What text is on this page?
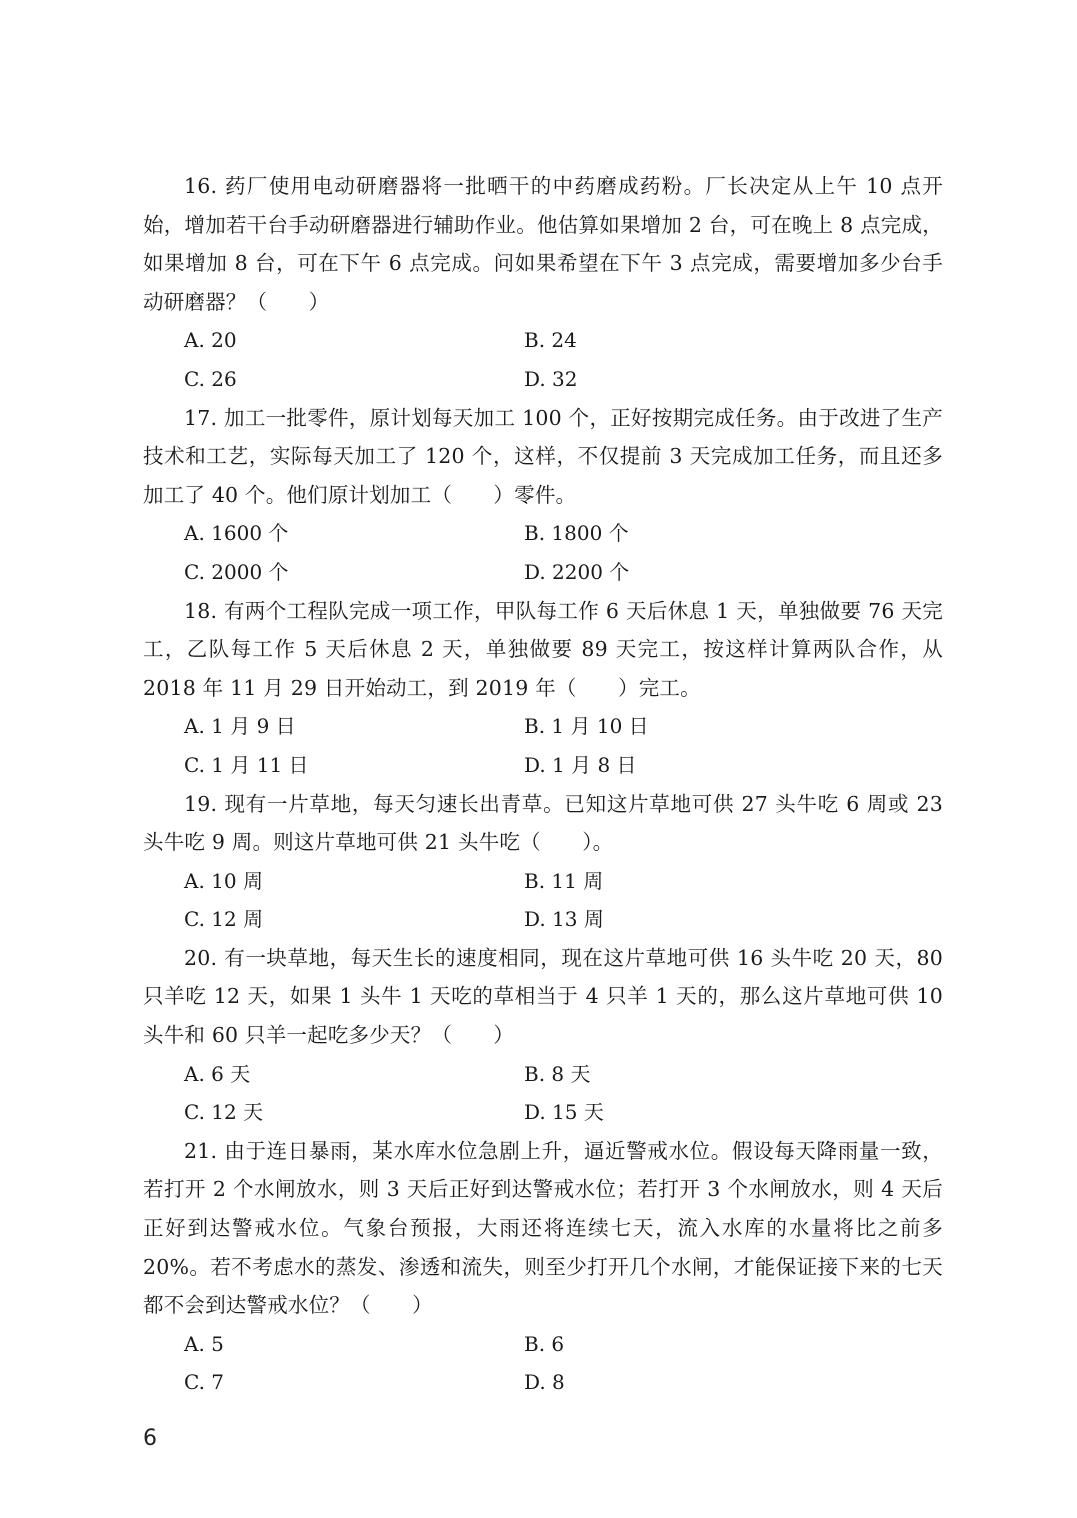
16. 药厂使用电动研磨器将一批晒干的中药磨成药粉。厂长决定从上午 10 点开始，增加若干台手动研磨器进行辅助作业。他估算如果增加 2 台，可在晚上 8 点完成，如果增加 8 台，可在下午 6 点完成。问如果希望在下午 3 点完成，需要增加多少台手动研磨器？（　　）

A. 20	B. 24
C. 26	D. 32

17. 加工一批零件，原计划每天加工 100 个，正好按期完成任务。由于改进了生产技术和工艺，实际每天加工了 120 个，这样，不仅提前 3 天完成加工任务，而且还多加工了 40 个。他们原计划加工（　　）零件。

A. 1600 个	B. 1800 个
C. 2000 个	D. 2200 个

18. 有两个工程队完成一项工作，甲队每工作 6 天后休息 1 天，单独做要 76 天完工，乙队每工作 5 天后休息 2 天，单独做要 89 天完工，按这样计算两队合作，从 2018 年 11 月 29 日开始动工，到 2019 年（　　）完工。

A. 1 月 9 日	B. 1 月 10 日
C. 1 月 11 日	D. 1 月 8 日

19. 现有一片草地，每天匀速长出青草。已知这片草地可供 27 头牛吃 6 周或 23 头牛吃 9 周。则这片草地可供 21 头牛吃（　　）。

A. 10 周	B. 11 周
C. 12 周	D. 13 周

20. 有一块草地，每天生长的速度相同，现在这片草地可供 16 头牛吃 20 天，80 只羊吃 12 天，如果 1 头牛 1 天吃的草相当于 4 只羊 1 天的，那么这片草地可供 10 头牛和 60 只羊一起吃多少天？（　　）

A. 6 天	B. 8 天
C. 12 天	D. 15 天

21. 由于连日暴雨，某水库水位急剧上升，逼近警戒水位。假设每天降雨量一致，若打开 2 个水闸放水，则 3 天后正好到达警戒水位；若打开 3 个水闸放水，则 4 天后正好到达警戒水位。气象台预报，大雨还将连续七天，流入水库的水量将比之前多 20%。若不考虑水的蒸发、渗透和流失，则至少打开几个水闸，才能保证接下来的七天都不会到达警戒水位？（　　）

A. 5	B. 6
C. 7	D. 8
6
